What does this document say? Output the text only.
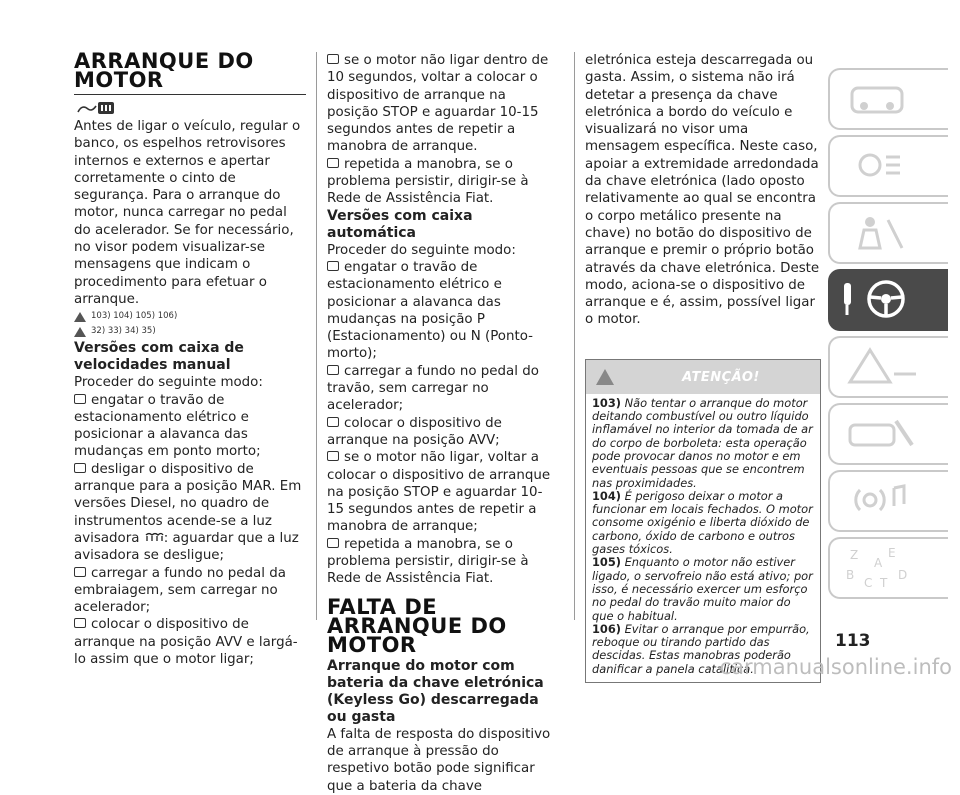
ARRANQUE DO
MOTOR

Antes de ligar o veículo, regular o banco, os espelhos retrovisores internos e externos e apertar corretamente o cinto de segurança. Para o arranque do motor, nunca carregar no pedal do acelerador. Se for necessário, no visor podem visualizar-se mensagens que indicam o procedimento para efetuar o arranque.

103) 104) 105) 106)
32) 33) 34) 35)
Versões com caixa de velocidades manual

Proceder do seguinte modo:

engatar o travão de estacionamento elétrico e posicionar a alavanca das mudanças em ponto morto;

desligar o dispositivo de arranque para a posição MAR. Em versões Diesel, no quadro de instrumentos acende-se a luz avisadora : aguardar que a luz avisadora se desligue;

carregar a fundo no pedal da embraiagem, sem carregar no acelerador;

colocar o dispositivo de arranque na posição AVV e largá-lo assim que o motor ligar;

se o motor não ligar dentro de 10 segundos, voltar a colocar o dispositivo de arranque na posição STOP e aguardar 10-15 segundos antes de repetir a manobra de arranque.

repetida a manobra, se o problema persistir, dirigir-se à Rede de Assistência Fiat.

Versões com caixa automática

Proceder do seguinte modo:

engatar o travão de estacionamento elétrico e posicionar a alavanca das mudanças na posição P (Estacionamento) ou N (Ponto-morto);

carregar a fundo no pedal do travão, sem carregar no acelerador;

colocar o dispositivo de arranque na posição AVV;

se o motor não ligar, voltar a colocar o dispositivo de arranque na posição STOP e aguardar 10-15 segundos antes de repetir a manobra de arranque;

repetida a manobra, se o problema persistir, dirigir-se à Rede de Assistência Fiat.

FALTA DE ARRANQUE DO
MOTOR
Arranque do motor com bateria da chave eletrónica (Keyless Go) descarregada ou gasta

A falta de resposta do dispositivo de arranque à pressão do respetivo botão pode significar que a bateria da chave

eletrónica esteja descarregada ou gasta. Assim, o sistema não irá detetar a presença da chave eletrónica a bordo do veículo e visualizará no visor uma mensagem específica. Neste caso, apoiar a extremidade arredondada da chave eletrónica (lado oposto relativamente ao qual se encontra o corpo metálico presente na chave) no botão do dispositivo de arranque e premir o próprio botão através da chave eletrónica. Deste modo, aciona-se o dispositivo de arranque e é, assim, possível ligar o motor.

ATENÇÃO!

103) Não tentar o arranque do motor deitando combustível ou outro líquido inflamável no interior da tomada de ar do corpo de borboleta: esta operação pode provocar danos no motor e em eventuais pessoas que se encontrem nas proximidades.

104) É perigoso deixar o motor a funcionar em locais fechados. O motor consome oxigénio e liberta dióxido de carbono, óxido de carbono e outros gases tóxicos.

105) Enquanto o motor não estiver ligado, o servofreio não está ativo; por isso, é necessário exercer um esforço no pedal do travão muito maior do que o habitual.

106) Evitar o arranque por empurrão, reboque ou tirando partido das descidas. Estas manobras poderão danificar a panela catalítica.

Z E
A
B
C
D
T
113
carmanualsonline.info
